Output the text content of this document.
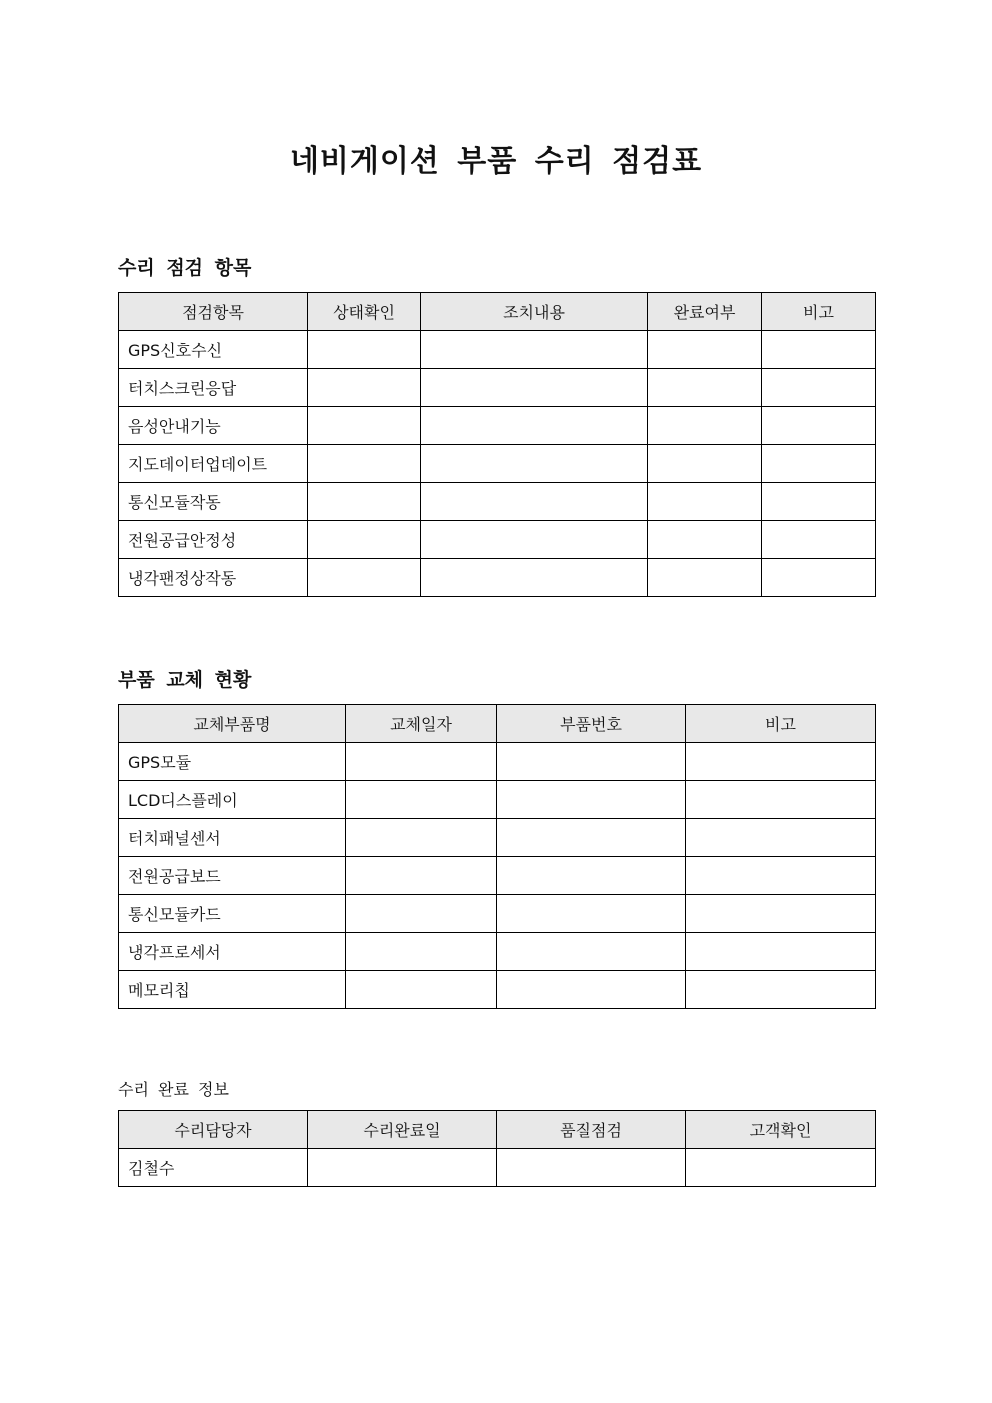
네비게이션 부품 수리 점검표
수리 점검 항목
점검항목	상태확인	조치내용	완료여부	비고
GPS신호수신				
터치스크린응답				
음성안내기능				
지도데이터업데이트				
통신모듈작동				
전원공급안정성				
냉각팬정상작동				
부품 교체 현황
교체부품명	교체일자	부품번호	비고
GPS모듈			
LCD디스플레이			
터치패널센서			
전원공급보드			
통신모듈카드			
냉각프로세서			
메모리칩			
수리 완료 정보
수리담당자	수리완료일	품질점검	고객확인
김철수			
